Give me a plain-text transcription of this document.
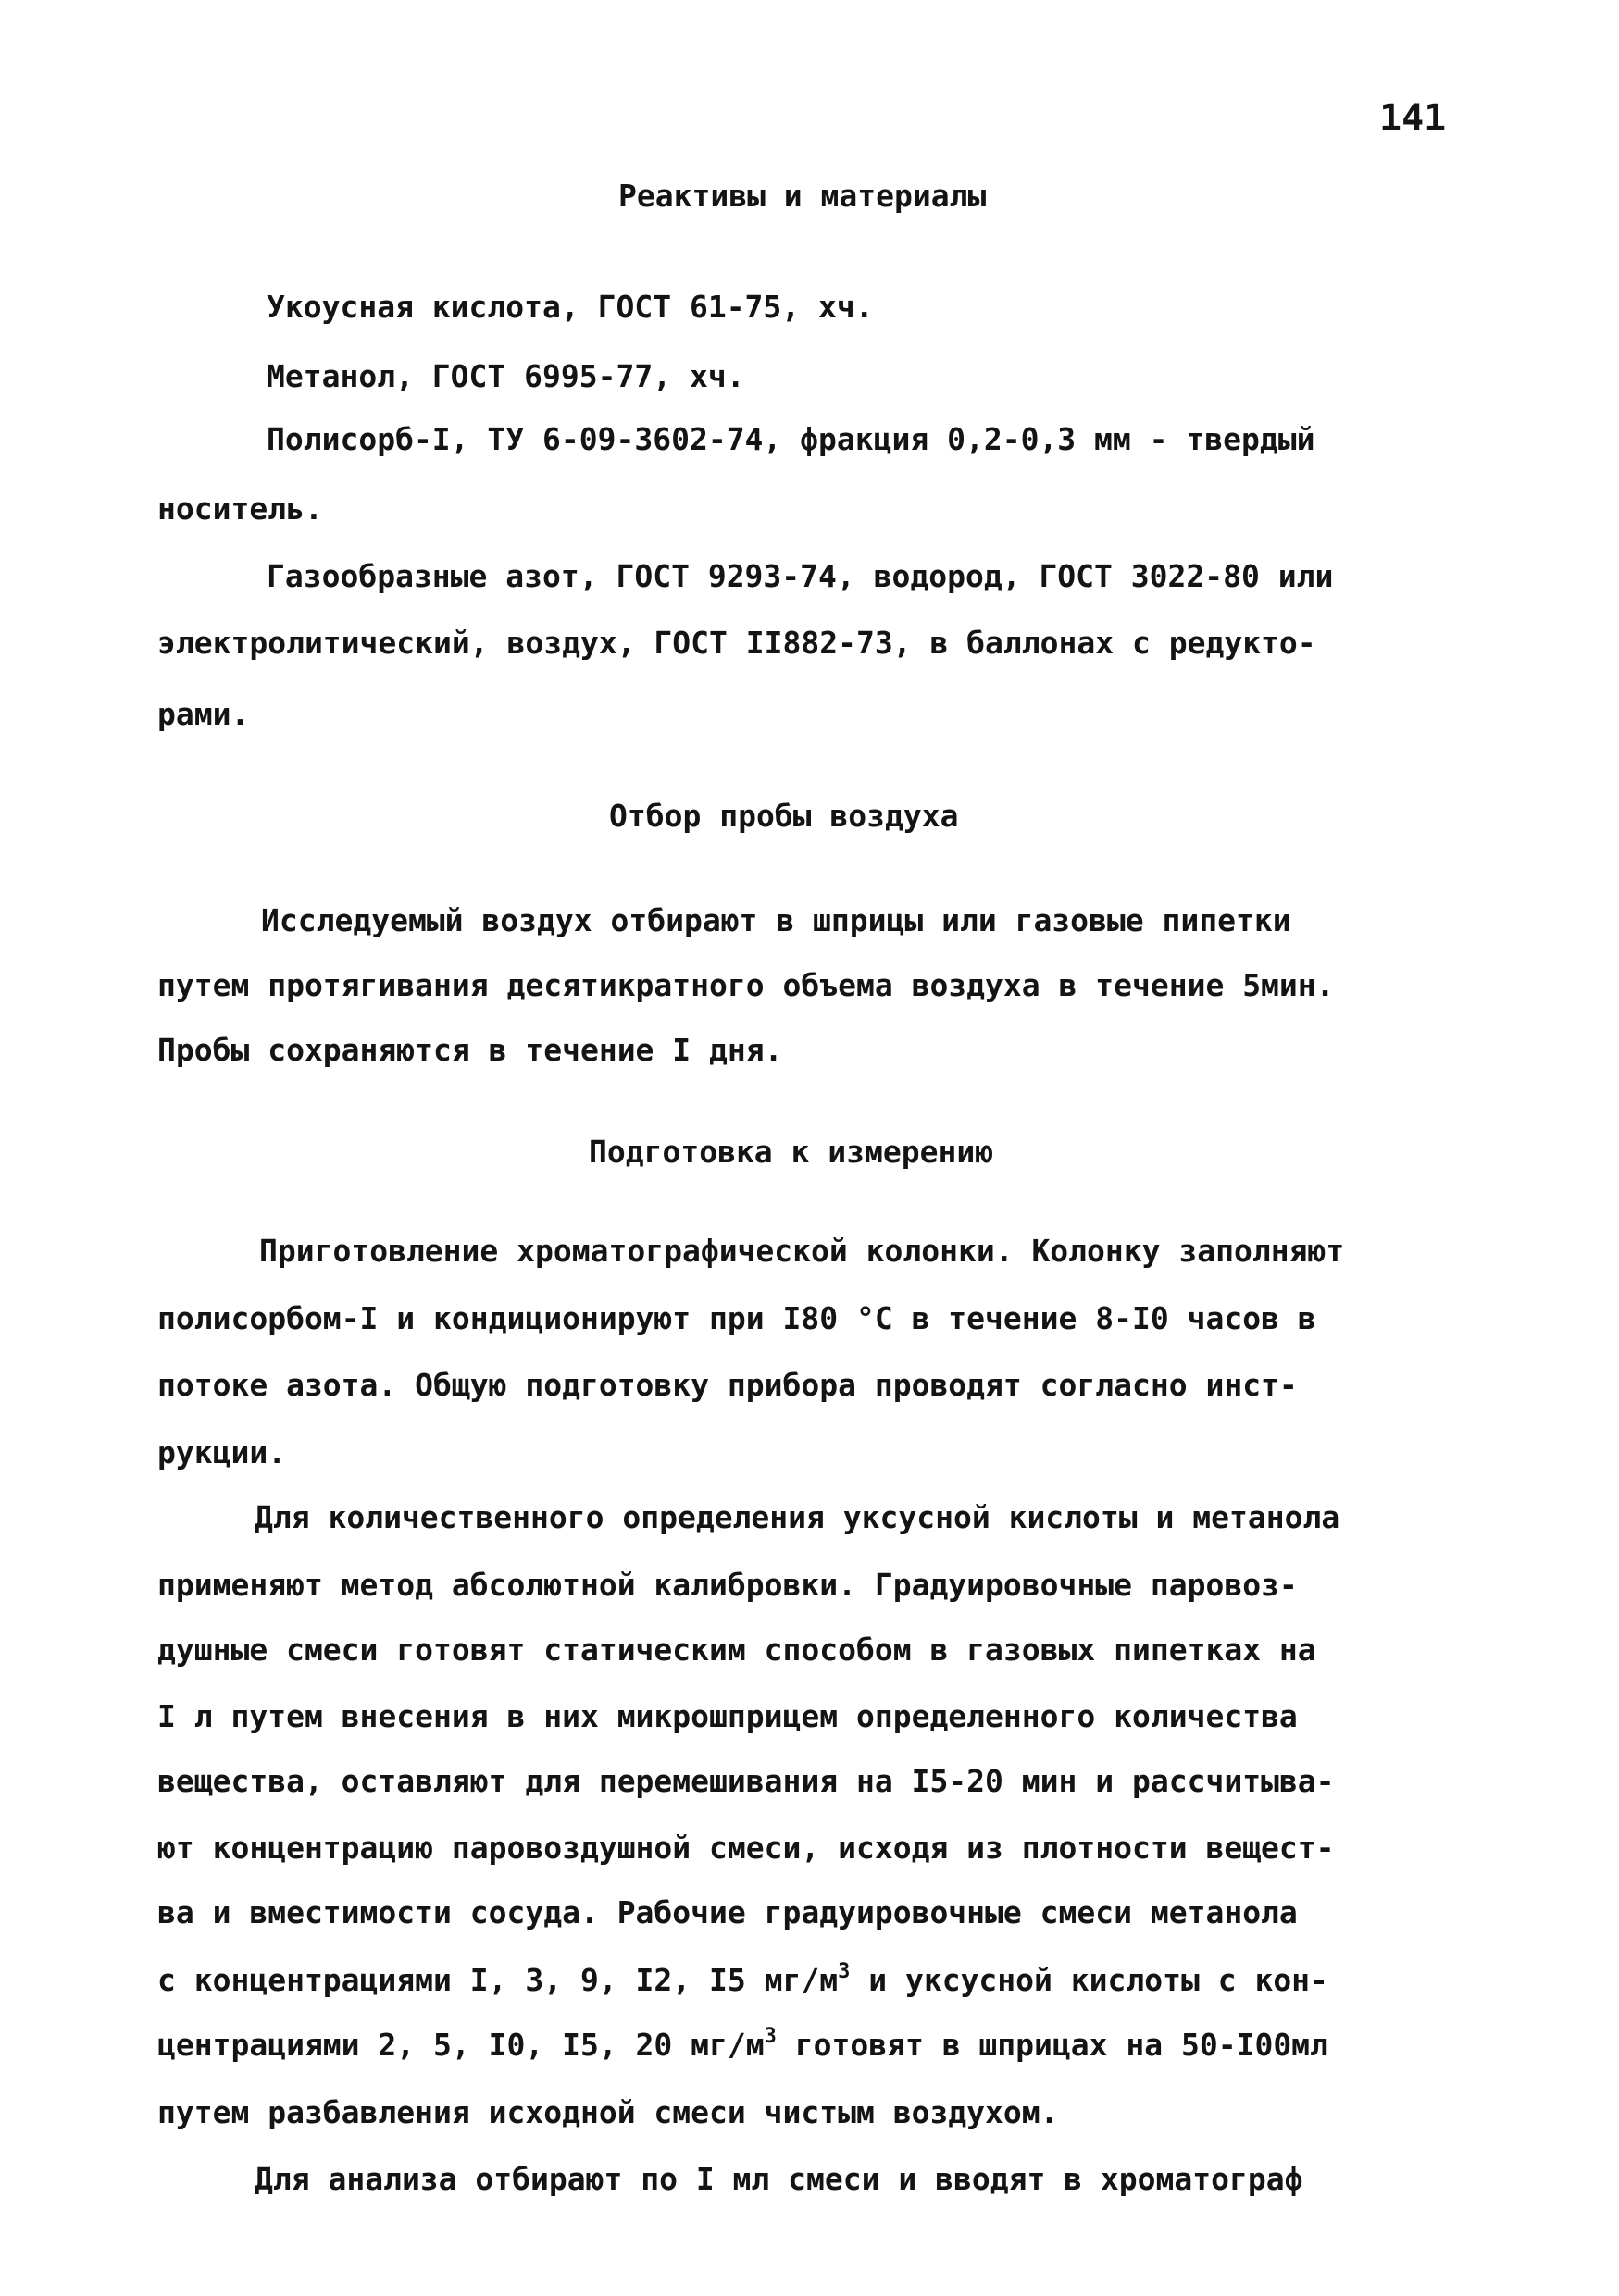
141
Реактивы и материалы
Укоусная кислота, ГОСТ 61-75, хч.
Метанол, ГОСТ 6995-77, хч.
Полисорб-I, ТУ 6-09-3602-74, фракция 0,2-0,3 мм - твердый
носитель.
Газообразные азот, ГОСТ 9293-74, водород, ГОСТ 3022-80 или
электролитический, воздух, ГОСТ II882-73, в баллонах с редукто-
рами.
Отбор пробы воздуха
Исследуемый воздух отбирают в шприцы или газовые пипетки
путем протягивания десятикратного объема воздуха в течение 5мин.
Пробы сохраняются в течение I дня.
Подготовка к измерению
Приготовление хроматографической колонки. Колонку заполняют
полисорбом-I и кондиционируют при I80 °C в течение 8-I0 часов в
потоке азота. Общую подготовку прибора проводят согласно инст-
рукции.
Для количественного определения уксусной кислоты и метанола
применяют метод абсолютной калибровки. Градуировочные паровоз-
душные смеси готовят статическим способом в газовых пипетках на
I л путем внесения в них микрошприцем определенного количества
вещества, оставляют для перемешивания на I5-20 мин и рассчитыва-
ют концентрацию паровоздушной смеси, исходя из плотности вещест-
ва и вместимости сосуда. Рабочие градуировочные смеси метанола
с концентрациями I, 3, 9, I2, I5 $мг/м^3$ и уксусной кислоты с кон-
центрациями 2, 5, I0, I5, 20 $мг/м^3$ готовят в шприцах на 50-I00мл
путем разбавления исходной смеси чистым воздухом.
Для анализа отбирают по I мл смеси и вводят в хроматограф
